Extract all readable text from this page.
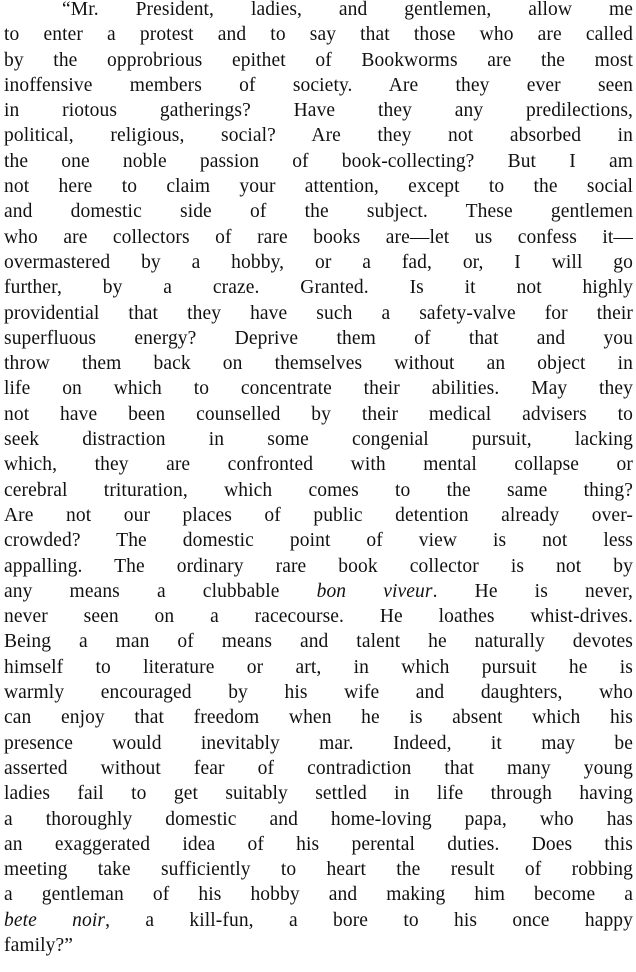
“Mr. President, ladies, and gentlemen, allow me
to enter a protest and to say that those who are called
by the opprobrious epithet of Bookworms are the most
inoffensive members of society. Are they ever seen
in riotous gatherings? Have they any predilections,
political, religious, social? Are they not absorbed in
the one noble passion of book-collecting? But I am
not here to claim your attention, except to the social
and domestic side of the subject. These gentlemen
who are collectors of rare books are—let us confess it—
overmastered by a hobby, or a fad, or, I will go
further, by a craze. Granted. Is it not highly
providential that they have such a safety-valve for their
superfluous energy? Deprive them of that and you
throw them back on themselves without an object in
life on which to concentrate their abilities. May they
not have been counselled by their medical advisers to
seek distraction in some congenial pursuit, lacking
which, they are confronted with mental collapse or
cerebral trituration, which comes to the same thing?
Are not our places of public detention already over-
crowded? The domestic point of view is not less
appalling. The ordinary rare book collector is not by
any means a clubbable bon viveur. He is never,
never seen on a racecourse. He loathes whist-drives.
Being a man of means and talent he naturally devotes
himself to literature or art, in which pursuit he is
warmly encouraged by his wife and daughters, who
can enjoy that freedom when he is absent which his
presence would inevitably mar. Indeed, it may be
asserted without fear of contradiction that many young
ladies fail to get suitably settled in life through having
a thoroughly domestic and home-loving papa, who has
an exaggerated idea of his perental duties. Does this
meeting take sufficiently to heart the result of robbing
a gentleman of his hobby and making him become a
bete noir, a kill-fun, a bore to his once happy
family?”
